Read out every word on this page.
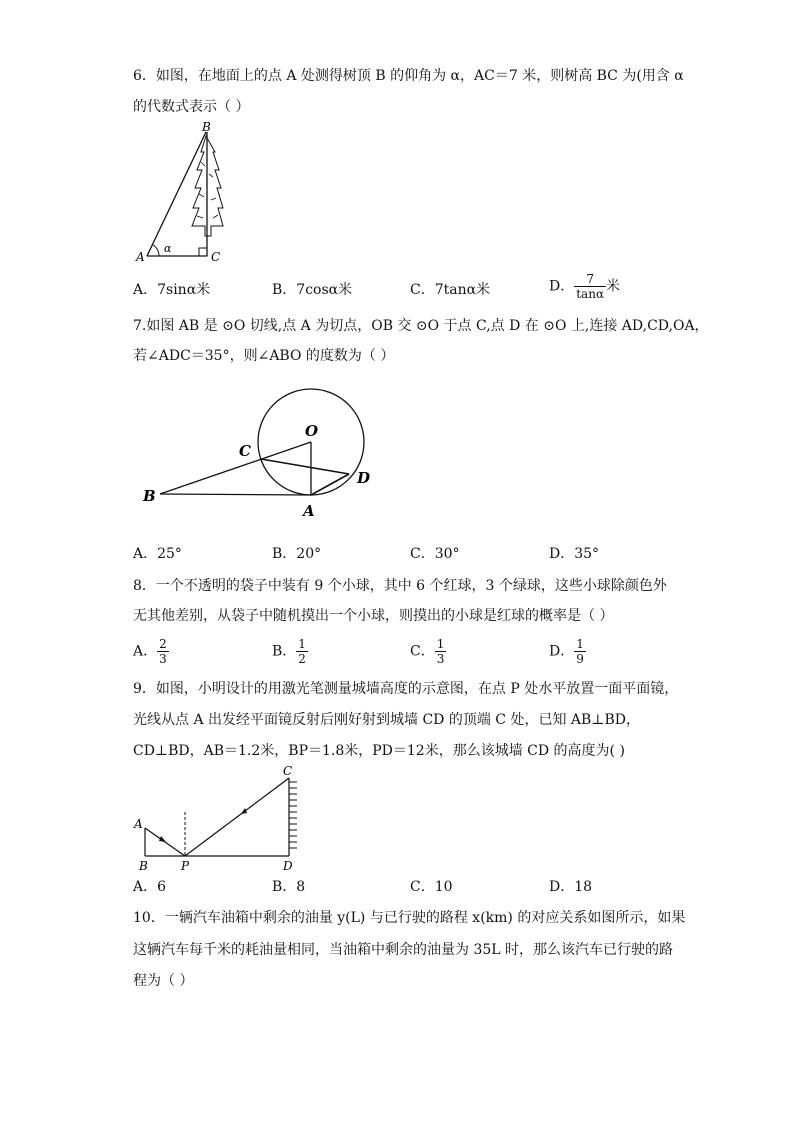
6．如图，在地面上的点 A 处测得树顶 B 的仰角为 α，AC＝7 米，则树高 BC 为(用含 α
的代数式表示（ ）
B
A	C
α
A．7sinα米	B．7cosα米	C．7tanα米	D． $\frac{7}{\tan\alpha}$ 米
7.如图 AB 是 ⊙O 切线,点 A 为切点，OB 交 ⊙O 于点 C,点 D 在 ⊙O 上,连接 AD,CD,OA，
若∠ADC＝35°，则∠ABO 的度数为（ ）
O
C
D
B
A
A．25°	B．20°	C．30°	D．35°
8．一个不透明的袋子中装有 9 个小球，其中 6 个红球，3 个绿球，这些小球除颜色外
无其他差别，从袋子中随机摸出一个小球，则摸出的小球是红球的概率是（ ）
A． $\frac{2}{3}$	B． $\frac{1}{2}$	C． $\frac{1}{3}$	D． $\frac{1}{9}$
9．如图，小明设计的用激光笔测量城墙高度的示意图，在点 P 处水平放置一面平面镜，
光线从点 A 出发经平面镜反射后刚好射到城墙 CD 的顶端 C 处，已知 AB⊥BD，
CD⊥BD，AB＝1.2米，BP＝1.8米，PD＝12米，那么该城墙 CD 的高度为( )
C
A
B	P	D
A．6	B．8	C．10	D．18
10．一辆汽车油箱中剩余的油量 y(L) 与已行驶的路程 x(km) 的对应关系如图所示，如果
这辆汽车每千米的耗油量相同，当油箱中剩余的油量为 35L 时，那么该汽车已行驶的路
程为（ ）
